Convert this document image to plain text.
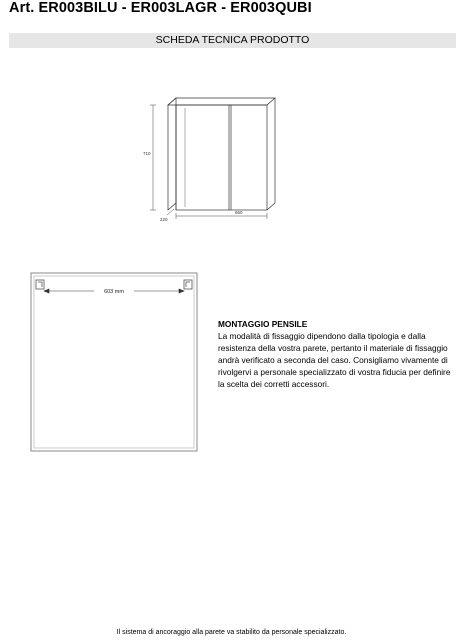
Art. ER003BILU - ER003LAGR - ER003QUBI
SCHEDA TECNICA PRODOTTO
710
220
660
603 mm
MONTAGGIO PENSILE
La modalità di fissaggio dipendono dalla tipologia e dalla resistenza della vostra parete, pertanto il materiale di fissaggio andrà verificato a seconda del caso. Consigliamo vivamente di rivolgervi a personale specializzato di vostra fiducia per definire la scelta dei corretti accessori.
Il sistema di ancoraggio alla parete va stabilito da personale specializzato.
